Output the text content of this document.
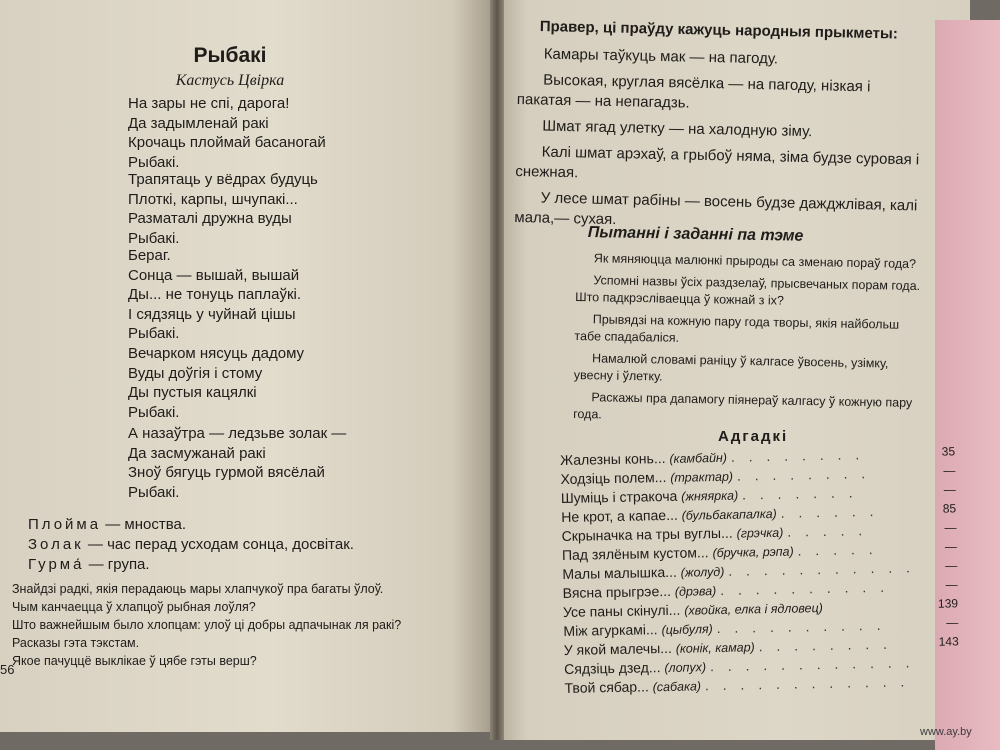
Рыбакі
Кастусь Цвірка
На зары не спі, дарога!
Да задымленай ракі
Крочаць плоймай басаногай
Рыбакі.
Трапятаць у вёдрах будуць
Плоткі, карпы, шчупакі...
Разматалі дружна вуды
Рыбакі.
Бераг.
Сонца — вышай, вышай
Ды... не тонуць паплаўкі.
І сядзяць у чуйнай цішы
Рыбакі.
Вечарком нясуць дадому
Вуды доўгія і стому
Ды пустыя кацялкі
Рыбакі.
А назаўтра — ледзьве золак —
Да засмужанай ракі
Зноў бягуць гурмой вясёлай
Рыбакі.
Плойма — мноства.
Золак — час перад усходам сонца, досвітак.
Гурма́ — група.
Знайдзі радкі, якія перадаюць мары хлапчукоў пра багаты ўлоў.
Чым канчаецца ў хлапцоў рыбная лоўля?
Што важнейшым было хлопцам: улоў ці добры адпачынак ля ракі?
Расказы гэта тэкстам.
Якое пачуццё выклікае ў цябе гэты верш?
56
Правер, ці праўду кажуць народныя прыкметы:

Камары таўкуць мак — на пагоду.

Высокая, круглая вясёлка — на пагоду, нізкая і пакатая — на непагадзь.

Шмат ягад улетку — на халодную зіму.

Калі шмат арэхаў, а грыбоў няма, зіма будзе суровая і снежная.

У лесе шмат рабіны — восень будзе дажджлівая, калі мала,— сухая.

Пытанні і заданні па тэме

Як мяняюцца малюнкі прыроды са зменаю пораў года?

Успомні назвы ўсіх раздзелаў, прысвечаных порам года. Што падкрэсліваецца ў кожнай з іх?

Прывядзі на кожную пару года творы, якія найбольш табе спадабаліся.

Намалюй словамі раніцу ў калгасе ўвосень, узімку, увесну і ўлетку.

Раскажы пра дапамогу піянераў калгасу ў кожную пару года.

Адгадкі
Жалезны конь... (камбайн) . . . . . . . .	35
Ходзіць полем... (трактар) . . . . . . . .	—
Шуміць і стракоча (жняярка) . . . . . . .	—
Не крот, а капае... (бульбакапалка) . . . . . .	85
Скрыначка на тры вуглы... (грэчка) . . . . .	—
Пад зялёным кустом... (бручка, рэпа) . . . . .	—
Малы малышка... (жолуд) . . . . . . . . . . .	—
Вясна прыгрэе... (дрэва) . . . . . . . . . .	—
Усе паны скінулі... (хвойка, елка і ядловец)	139
Між агуркамі... (цыбуля) . . . . . . . . . .	—
У якой малечы... (конік, камар) . . . . . . . .	143
Сядзіць дзед... (лопух) . . . . . . . . . . . .
Твой сябар... (сабака) . . . . . . . . . . . .
www.ay.by
